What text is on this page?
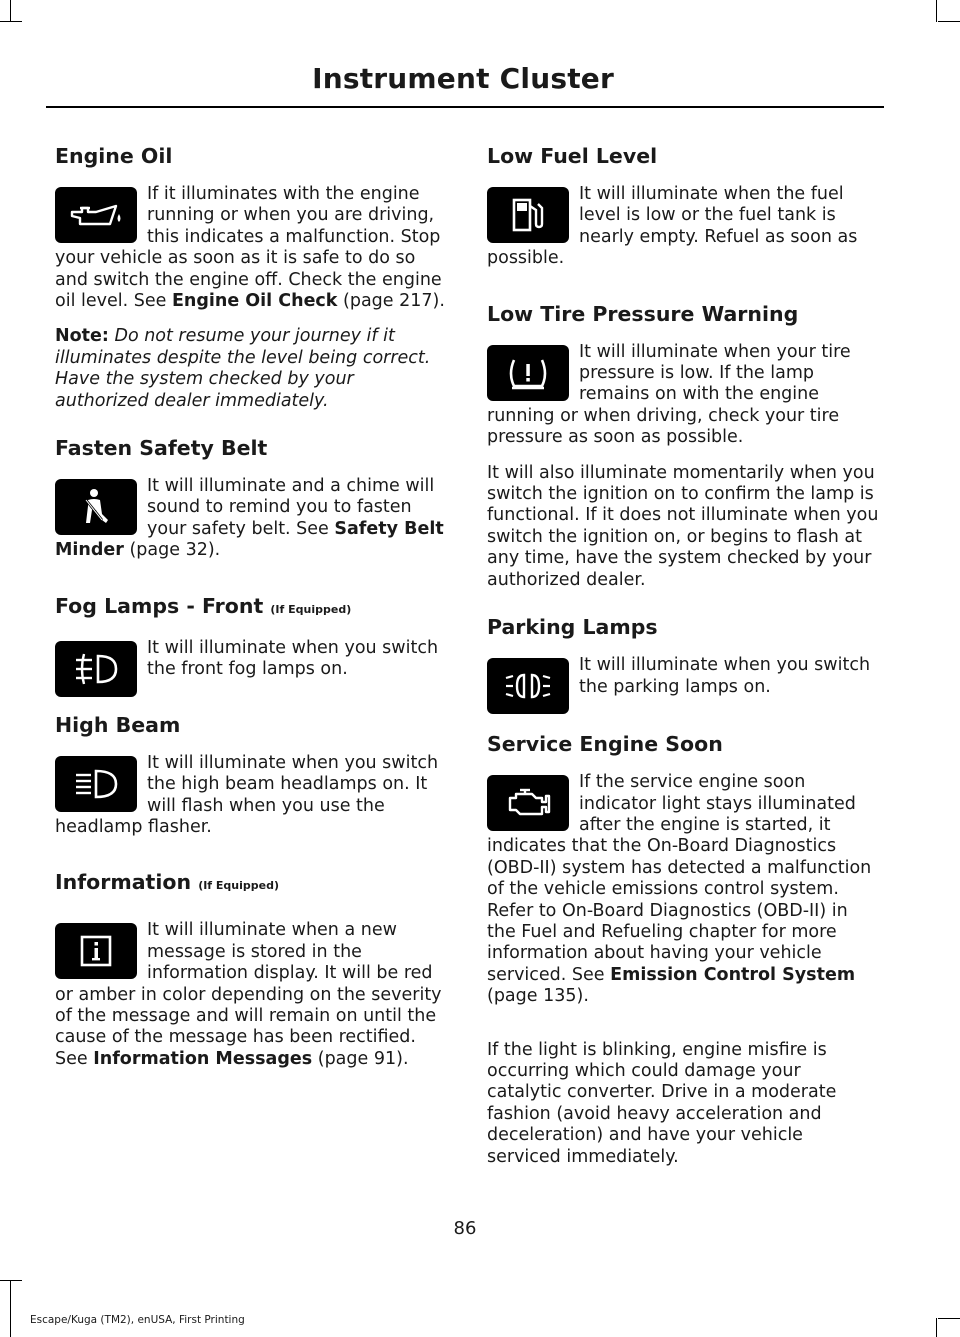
Instrument Cluster
Engine Oil

If it illuminates with the engine running or when you are driving, this indicates a malfunction. Stop your vehicle as soon as it is safe to do so and switch the engine off. Check the engine oil level. See Engine Oil Check (page 217).

Note: Do not resume your journey if it illuminates despite the level being correct. Have the system checked by your authorized dealer immediately.

Fasten Safety Belt

It will illuminate and a chime will sound to remind you to fasten your safety belt. See Safety Belt Minder (page 32).

Fog Lamps - Front (If Equipped)

It will illuminate when you switch the front fog lamps on.

High Beam

It will illuminate when you switch the high beam headlamps on. It will flash when you use the headlamp flasher.

Information (If Equipped)

It will illuminate when a new message is stored in the information display. It will be red or amber in color depending on the severity of the message and will remain on until the cause of the message has been rectified. See Information Messages (page 91).

Low Fuel Level

It will illuminate when the fuel level is low or the fuel tank is nearly empty. Refuel as soon as possible.

Low Tire Pressure Warning

It will illuminate when your tire pressure is low. If the lamp remains on with the engine running or when driving, check your tire pressure as soon as possible.

It will also illuminate momentarily when you switch the ignition on to confirm the lamp is functional. If it does not illuminate when you switch the ignition on, or begins to flash at any time, have the system checked by your authorized dealer.

Parking Lamps

It will illuminate when you switch the parking lamps on.

Service Engine Soon

If the service engine soon indicator light stays illuminated after the engine is started, it indicates that the On-Board Diagnostics (OBD-II) system has detected a malfunction of the vehicle emissions control system. Refer to On-Board Diagnostics (OBD-II) in the Fuel and Refueling chapter for more information about having your vehicle serviced. See Emission Control System (page 135).

If the light is blinking, engine misfire is occurring which could damage your catalytic converter. Drive in a moderate fashion (avoid heavy acceleration and deceleration) and have your vehicle serviced immediately.

86
Escape/Kuga (TM2), enUSA, First Printing
